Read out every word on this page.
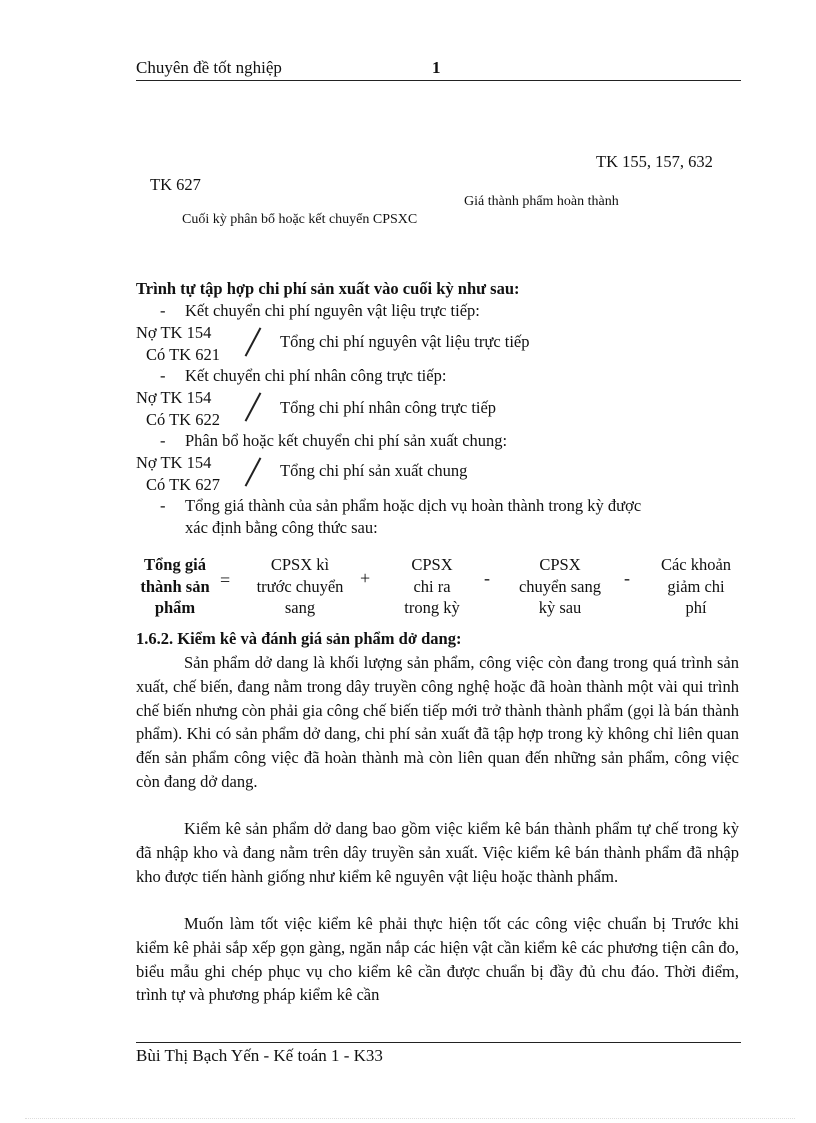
Chuyên đề tốt nghiệp	1
TK 155, 157, 632
TK 627
Giá thành phẩm hoàn thành
Cuối kỳ phân bổ hoặc kết chuyển CPSXC
Trình tự tập hợp chi phí sản xuất vào cuối kỳ như sau:
- Kết chuyển chi phí nguyên vật liệu trực tiếp:
Nợ TK 154
Có TK 621
Tổng chi phí nguyên vật liệu trực tiếp
- Kết chuyển chi phí nhân công trực tiếp:
Nợ TK 154
Có TK 622
Tổng chi phí nhân công trực tiếp
- Phân bổ hoặc kết chuyển chi phí sản xuất chung:
Nợ TK 154
Có TK 627
Tổng chi phí sản xuất chung
- Tổng giá thành của sản phẩm hoặc dịch vụ hoàn thành trong kỳ được
xác định bằng công thức sau:
Tổng giá
thành sản
phẩm
=
CPSX kì
trước chuyển
sang
+
CPSX
chi ra
trong kỳ
-
CPSX
chuyển sang
kỳ sau
-
Các khoản
giảm chi
phí
1.6.2. Kiểm kê và đánh giá sản phẩm dở dang:
Sản phẩm dở dang là khối lượng sản phẩm, công việc còn đang trong quá trình sản xuất, chế biến, đang nằm trong dây truyền công nghệ hoặc đã hoàn thành một vài qui trình chế biến nhưng còn phải gia công chế biến tiếp mới trở thành thành phẩm (gọi là bán thành phẩm). Khi có sản phẩm dở dang, chi phí sản xuất đã tập hợp trong kỳ không chỉ liên quan đến sản phẩm công việc đã hoàn thành mà còn liên quan đến những sản phẩm, công việc còn đang dở dang.
Kiểm kê sản phẩm dở dang bao gồm việc kiểm kê bán thành phẩm tự chế trong kỳ đã nhập kho và đang nằm trên dây truyền sản xuất. Việc kiểm kê bán thành phẩm đã nhập kho được tiến hành giống như kiểm kê nguyên vật liệu hoặc thành phẩm.
Muốn làm tốt việc kiểm kê phải thực hiện tốt các công việc chuẩn bị Trước khi kiểm kê phải sắp xếp gọn gàng, ngăn nắp các hiện vật cần kiểm kê các phương tiện cân đo, biểu mẫu ghi chép phục vụ cho kiểm kê cần được chuẩn bị đầy đủ chu đáo. Thời điểm, trình tự và phương pháp kiểm kê cần
Bùi Thị Bạch Yến - Kế toán 1 - K33
